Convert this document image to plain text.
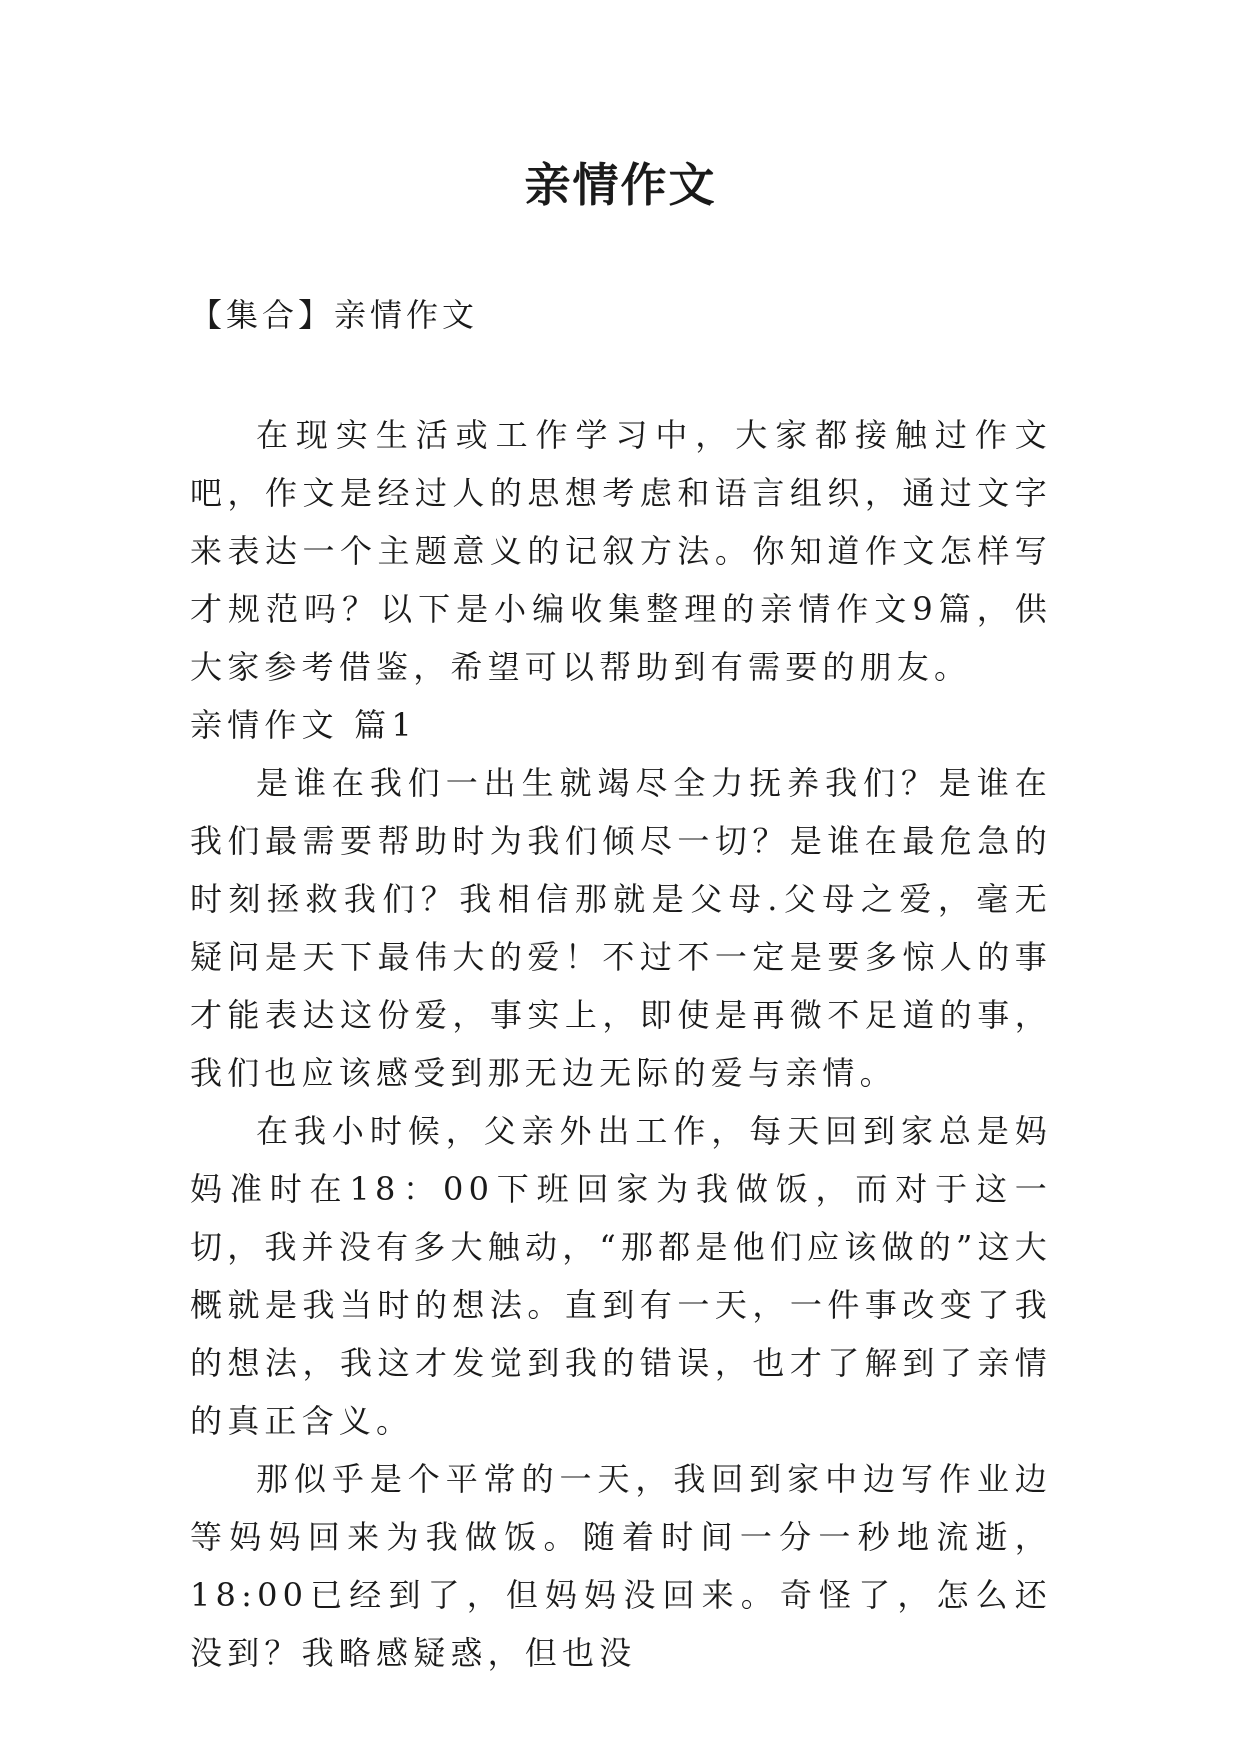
亲情作文

【集合】亲情作文

在现实生活或工作学习中，大家都接触过作文吧，作文是经过人的思想考虑和语言组织，通过文字来表达一个主题意义的记叙方法。你知道作文怎样写才规范吗？以下是小编收集整理的亲情作文9篇，供大家参考借鉴，希望可以帮助到有需要的朋友。

亲情作文 篇1

是谁在我们一出生就竭尽全力抚养我们？是谁在我们最需要帮助时为我们倾尽一切？是谁在最危急的时刻拯救我们？我相信那就是父母.父母之爱，毫无疑问是天下最伟大的爱！不过不一定是要多惊人的事才能表达这份爱，事实上，即使是再微不足道的事，我们也应该感受到那无边无际的爱与亲情。

在我小时候，父亲外出工作，每天回到家总是妈妈准时在18：00下班回家为我做饭，而对于这一切，我并没有多大触动，“那都是他们应该做的”这大概就是我当时的想法。直到有一天，一件事改变了我的想法，我这才发觉到我的错误，也才了解到了亲情的真正含义。

那似乎是个平常的一天，我回到家中边写作业边等妈妈回来为我做饭。随着时间一分一秒地流逝，18:00已经到了，但妈妈没回来。奇怪了，怎么还没到？我略感疑惑，但也没
